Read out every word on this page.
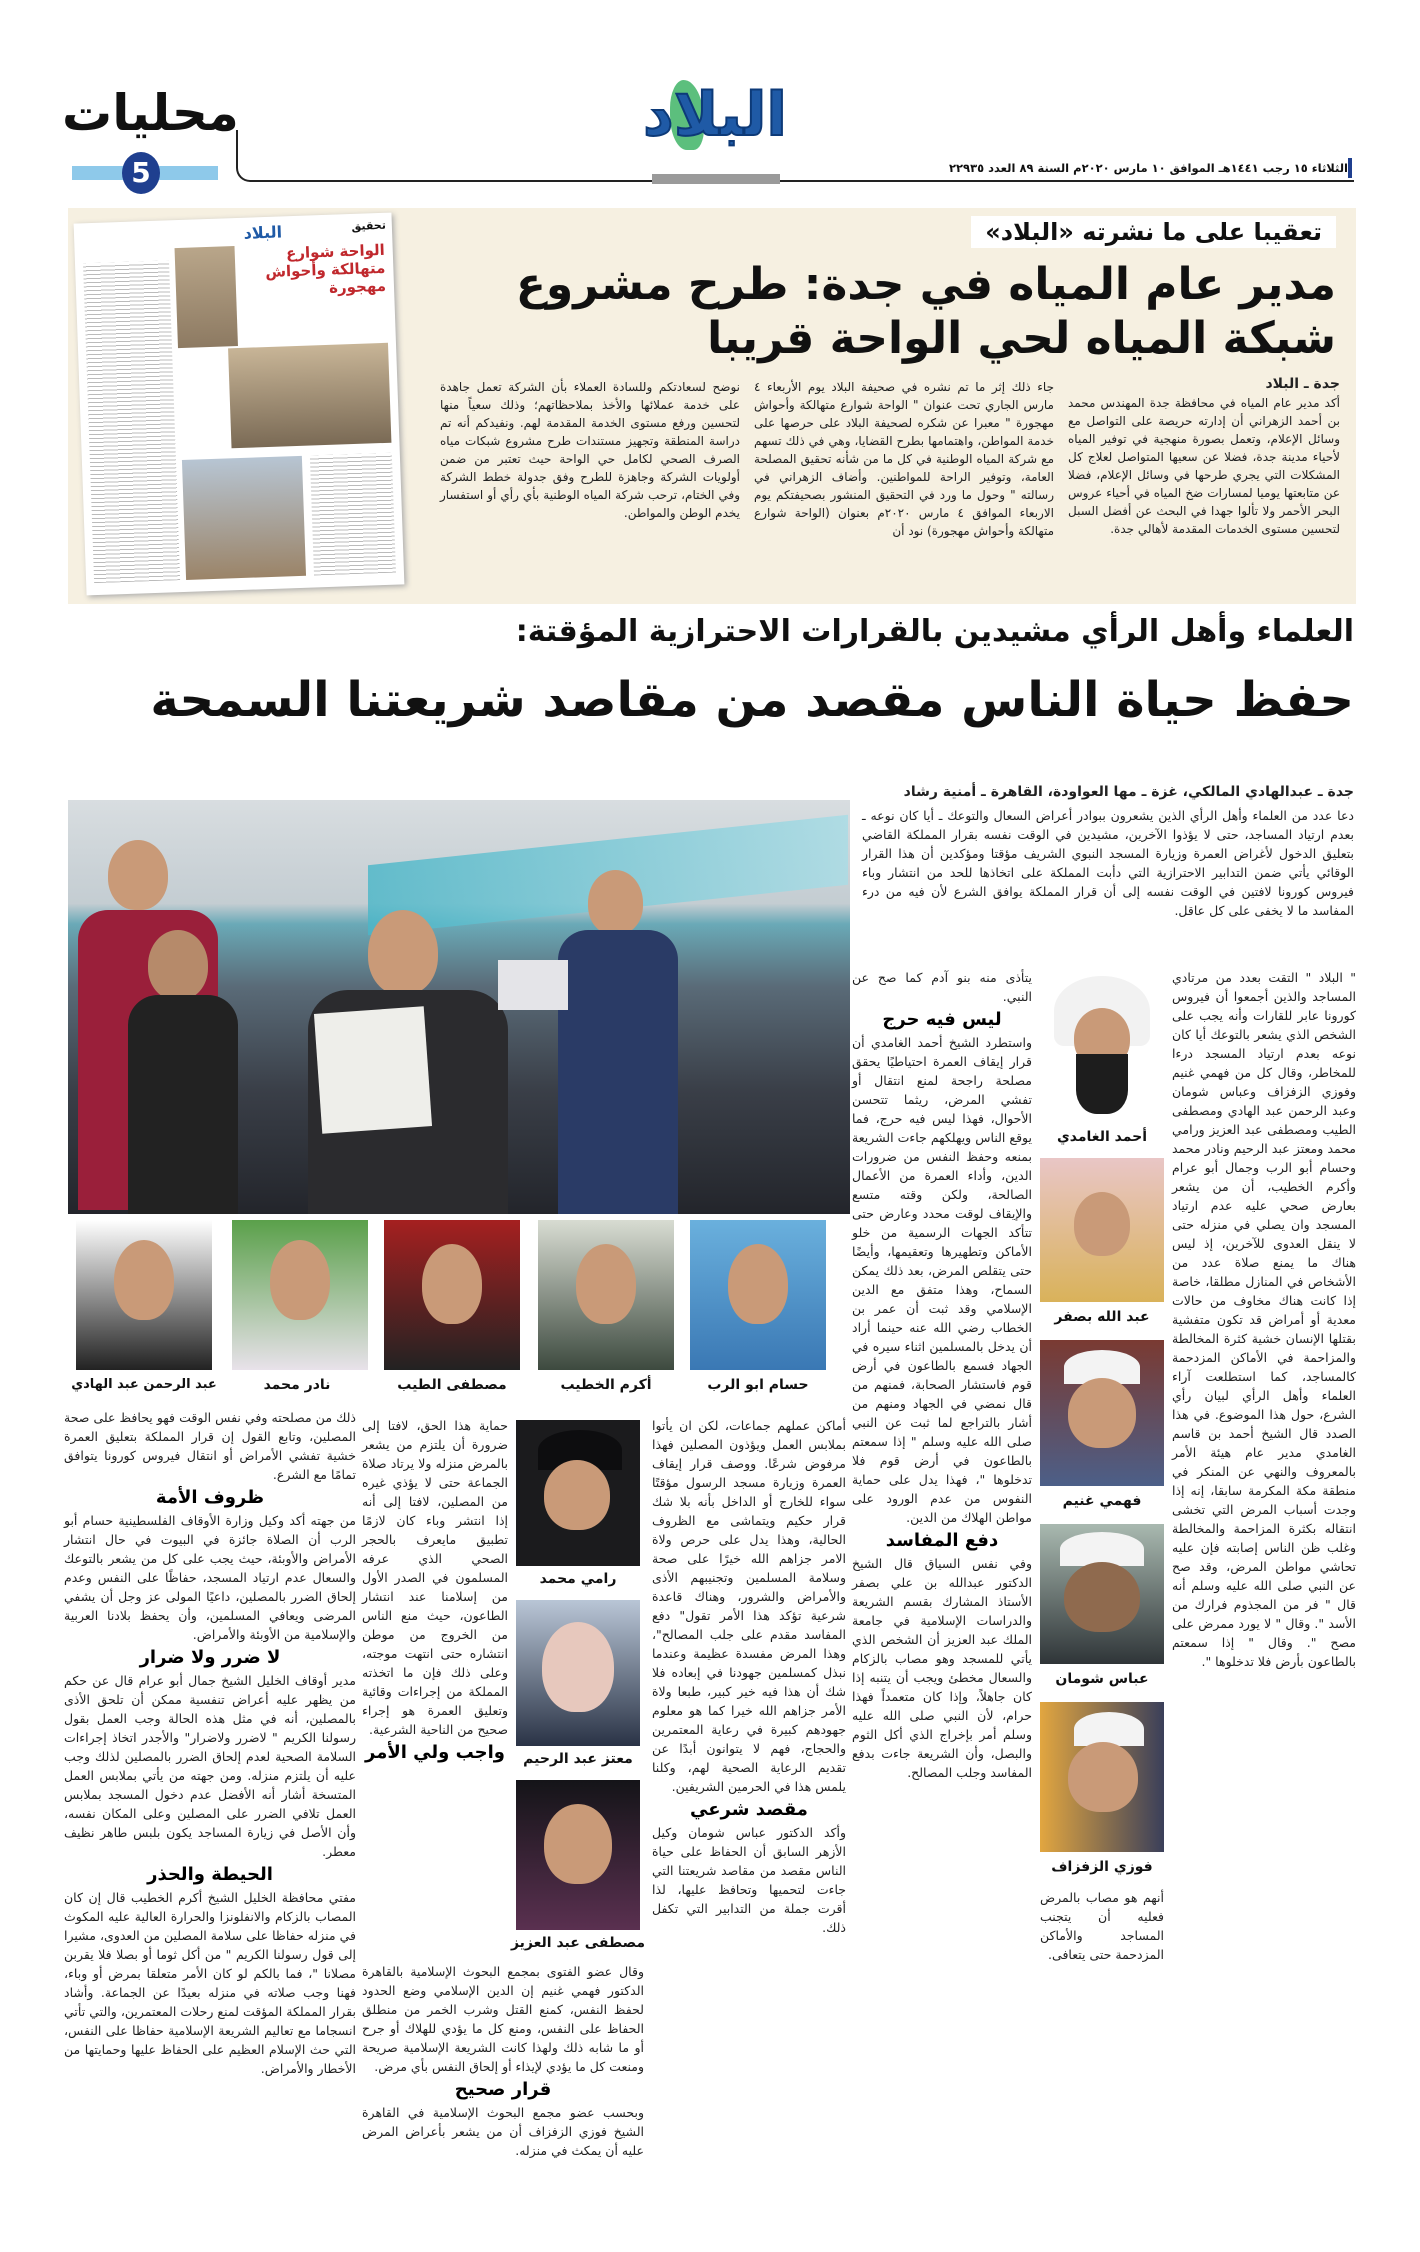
محليات
5
البلاد
الثلاثاء ١٥ رجب ١٤٤١هـ الموافق ١٠ مارس ٢٠٢٠م السنة ٨٩ العدد ٢٢٩٣٥
البلاد	تحقيق
الواحة شوارع متهالكة وأحواش مهجورة
تعقيبا على ما نشرته «البلاد»
مدير عام المياه في جدة: طرح مشروع
شبكة المياه لحي الواحة قريبا
جدة ـ البلاد

أكد مدير عام المياه في محافظة جدة المهندس محمد بن أحمد الزهراني أن إدارته حريصة على التواصل مع وسائل الإعلام، وتعمل بصورة منهجية في توفير المياه لأحياء مدينة جدة، فضلا عن سعيها المتواصل لعلاج كل المشكلات التي يجري طرحها في وسائل الإعلام، فضلا عن متابعتها يوميا لمسارات ضخ المياه في أحياء عروس البحر الأحمر ولا تألوا جهدا في البحث عن أفضل السبل لتحسين مستوى الخدمات المقدمة لأهالي جدة.

جاء ذلك إثر ما تم نشره في صحيفة البلاد يوم الأربعاء ٤ مارس الجاري تحت عنوان " الواحة شوارع متهالكة وأحواش مهجورة " معبرا عن شكره لصحيفة البلاد على حرصها على خدمة المواطن، واهتمامها بطرح القضايا، وهي في ذلك تسهم مع شركة المياه الوطنية في كل ما من شأنه تحقيق المصلحة العامة، وتوفير الراحة للمواطنين. وأضاف الزهراني في رسالته " وحول ما ورد في التحقيق المنشور بصحيفتكم يوم الاربعاء الموافق ٤ مارس ٢٠٢٠م بعنوان (الواحة شوارع متهالكة وأحواش مهجورة) نود أن

نوضح لسعادتكم وللسادة العملاء بأن الشركة تعمل جاهدة على خدمة عملائها والأخذ بملاحظاتهم؛ وذلك سعياً منها لتحسين ورفع مستوى الخدمة المقدمة لهم. ونفيدكم أنه تم دراسة المنطقة وتجهيز مستندات طرح مشروع شبكات مياه الصرف الصحي لكامل حي الواحة حيث تعتبر من ضمن أولويات الشركة وجاهزة للطرح وفق جدولة خطط الشركة وفي الختام، ترحب شركة المياه الوطنية بأي رأي أو استفسار يخدم الوطن والمواطن.

العلماء وأهل الرأي مشيدين بالقرارات الاحترازية المؤقتة:
حفظ حياة الناس مقصد من مقاصد شريعتنا السمحة
جدة ـ عبدالهادي المالكي، غزة ـ مها العواودة، القاهرة ـ أمنية رشاد

دعا عدد من العلماء وأهل الرأي الذين يشعرون ببوادر أعراض السعال والتوعك ـ أيا كان نوعه ـ بعدم ارتياد المساجد، حتى لا يؤذوا الآخرين، مشيدين في الوقت نفسه بقرار المملكة القاضي بتعليق الدخول لأغراض العمرة وزيارة المسجد النبوي الشريف مؤقتا ومؤكدين أن هذا القرار الوقائي يأتي ضمن التدابير الاحترازية التي دأبت المملكة على اتخاذها للحد من انتشار وباء فيروس كورونا لافتين في الوقت نفسه إلى أن قرار المملكة يوافق الشرع لأن فيه من درء المفاسد ما لا يخفى على كل عاقل.

حسام ابو الرب
أكرم الخطيب
مصطفى الطيب
نادر محمد
عبد الرحمن عبد الهادي

" البلاد " التقت بعدد من مرتادي المساجد والذين أجمعوا أن فيروس كورونا عابر للقارات وأنه يجب على الشخص الذي يشعر بالتوعك أيا كان نوعه بعدم ارتياد المسجد درءا للمخاطر، وقال كل من فهمي غنيم وفوزي الزفزاف وعباس شومان وعبد الرحمن عبد الهادي ومصطفى الطيب ومصطفى عبد العزيز ورامي محمد ومعتز عبد الرحيم ونادر محمد وحسام أبو الرب وجمال أبو عرام وأكرم الخطيب، أن من يشعر بعارض صحي عليه عدم ارتياد المسجد وان يصلي في منزله حتى لا ينقل العدوى للآخرين، إذ ليس هناك ما يمنع صلاة عدد من الأشخاص في المنازل مطلقا، خاصة إذا كانت هناك مخاوف من حالات معدية أو أمراض قد تكون متفشية بقتلها الإنسان خشية كثرة المخالطة والمزاحمة في الأماكن المزدحمة كالمساجد، كما استطلعت آراء العلماء وأهل الرأي لبيان رأي الشرع، حول هذا الموضوع. في هذا الصدد قال الشيخ أحمد بن قاسم الغامدي مدير عام هيئة الأمر بالمعروف والنهي عن المنكر في منطقة مكة المكرمة سابقا، إنه إذا وجدت أسباب المرض التي تخشى انتقاله بكثرة المزاحمة والمخالطة وغلب ظن الناس إصابته فإن عليه تحاشي مواطن المرض، وقد صح عن النبي صلى الله عليه وسلم أنه قال " فر من المجذوم فرارك من الأسد ". وقال " لا يورد ممرض على مصح ". وقال " إذا سمعتم بالطاعون بأرض فلا تدخلوها ".

أحمد الغامدي
عبد الله بصفر
فهمي غنيم
عباس شومان
فوزي الزفزاف

أنهم هو مصاب بالمرض فعليه أن يتجنب المساجد والأماكن المزدحمة حتى يتعافى.

يتأذى منه بنو آدم كما صح عن النبي.

ليس فيه حرج

واستطرد الشيخ أحمد الغامدي أن قرار إيقاف العمرة احتياطيًا يحقق مصلحة راجحة لمنع انتقال أو تفشي المرض، ريثما تتحسن الأحوال، فهذا ليس فيه حرج، فما يوقع الناس ويهلكهم جاءت الشريعة بمنعه وحفظ النفس من ضرورات الدين، وأداء العمرة من الأعمال الصالحة، ولكن وقته متسع والإيقاف لوقت محدد وعارض حتى تتأكد الجهات الرسمية من خلو الأماكن وتطهيرها وتعقيمها، وأيضًا حتى يتقلص المرض، بعد ذلك يمكن السماح، وهذا متفق مع الدين الإسلامي وقد ثبت أن عمر بن الخطاب رضي الله عنه حينما أراد أن يدخل بالمسلمين اثناء سيره في الجهاد فسمع بالطاعون في أرض قوم فاستشار الصحابة، فمنهم من قال نمضي في الجهاد ومنهم من أشار بالتراجع لما ثبت عن النبي صلى الله عليه وسلم " إذا سمعتم بالطاعون في أرض قوم فلا تدخلوها "، فهذا يدل على حماية النفوس من عدم الورود على مواطن الهلاك من الدين.

دفع المفاسد

وفي نفس السياق قال الشيخ الدكتور عبدالله بن علي بصفر الأستاذ المشارك بقسم الشريعة والدراسات الإسلامية في جامعة الملك عبد العزيز أن الشخص الذي يأتي للمسجد وهو مصاب بالزكام والسعال مخطئ ويجب أن يتنبه إذا كان جاهلاً، وإذا كان متعمداً فهذا حرام، لأن النبي صلى الله عليه وسلم أمر بإخراج الذي أكل الثوم والبصل، وأن الشريعة جاءت بدفع المفاسد وجلب المصالح.

أماكن عملهم جماعات، لكن ان يأتوا بملابس العمل ويؤذون المصلين فهذا مرفوض شرعًا. ووصف قرار إيقاف العمرة وزيارة مسجد الرسول مؤقتًا سواء للخارج أو الداخل بأنه بلا شك قرار حكيم ويتماشى مع الظروف الحالية، وهذا يدل على حرص ولاة الامر جزاهم الله خيرًا على صحة وسلامة المسلمين وتجنيبهم الأذى والأمراض والشرور، وهناك قاعدة شرعية تؤكد هذا الأمر تقول" دفع المفاسد مقدم على جلب المصالح"، وهذا المرض مفسدة عظيمة وعندما نبذل كمسلمين جهودنا في إبعاده فلا شك أن هذا فيه خير كبير، طبعا ولاة الأمر جزاهم الله خيرا كما هو معلوم جهودهم كبيرة في رعاية المعتمرين والحجاج، فهم لا يتوانون أبدًا عن تقديم الرعاية الصحية لهم، وكلنا يلمس هذا في الحرمين الشريفين.

مقصد شرعي

وأكد الدكتور عباس شومان وكيل الأزهر السابق أن الحفاظ على حياة الناس مقصد من مقاصد شريعتنا التي جاءت لتحميها وتحافظ عليها، لذا أقرت جملة من التدابير التي تكفل ذلك.

رامي محمد
معتز عبد الرحيم
مصطفى عبد العزيز

حماية هذا الحق، لافتا إلى ضرورة أن يلتزم من يشعر بالمرض منزله ولا يرتاد صلاة الجماعة حتى لا يؤذي غيره من المصلين، لافتا إلى أنه إذا انتشر وباء كان لازمًا تطبيق مايعرف بالحجر الصحي الذي عرفه المسلمون في الصدر الأول من إسلامنا عند انتشار الطاعون، حيث منع الناس من الخروج من موطن انتشاره حتى انتهت موجته، وعلى ذلك فإن ما اتخذته المملكة من إجراءات وقائية وتعليق العمرة هو إجراء صحيح من الناحية الشرعية.

واجب ولي الأمر

وقال عضو الفتوى بمجمع البحوث الإسلامية بالقاهرة الدكتور فهمي غنيم إن الدين الإسلامي وضع الحدود لحفظ النفس، كمنع القتل وشرب الخمر من منطلق الحفاظ على النفس، ومنع كل ما يؤدي للهلاك أو جرح أو ما شابه ذلك ولهذا كانت الشريعة الإسلامية صريحة ومنعت كل ما يؤدي لإيذاء أو إلحاق النفس بأي مرض.

قرار صحيح

وبحسب عضو مجمع البحوث الإسلامية في القاهرة الشيخ فوزي الزفزاف أن من يشعر بأعراض المرض عليه أن يمكث في منزله.

ذلك من مصلحته وفي نفس الوقت فهو يحافظ على صحة المصلين، وتابع القول إن قرار المملكة بتعليق العمرة خشية تفشي الأمراض أو انتقال فيروس كورونا يتوافق تمامًا مع الشرع.

ظروف الأمة

من جهته أكد وكيل وزارة الأوقاف الفلسطينية حسام أبو الرب أن الصلاة جائزة في البيوت في حال انتشار الأمراض والأوبئة، حيث يجب على كل من يشعر بالتوعك والسعال عدم ارتياد المسجد، حفاظًا على النفس وعدم إلحاق الضرر بالمصلين، داعيًا المولى عز وجل أن يشفي المرضى ويعافي المسلمين، وأن يحفظ بلادنا العربية والإسلامية من الأوبئة والأمراض.

لا ضرر ولا ضرار

مدير أوقاف الخليل الشيخ جمال أبو عرام قال عن حكم من يظهر عليه أعراض تنفسية ممكن أن تلحق الأذى بالمصلين، أنه في مثل هذه الحالة وجب العمل بقول رسولنا الكريم " لاضرر ولاضرار" والأجدر اتخاذ إجراءات السلامة الصحية لعدم إلحاق الضرر بالمصلين لذلك وجب عليه أن يلتزم منزله. ومن جهته من يأتي بملابس العمل المتسخة أشار أنه الأفضل عدم دخول المسجد بملابس العمل تلافي الضرر على المصلين وعلى المكان نفسه، وأن الأصل في زيارة المساجد يكون بلبس طاهر نظيف معطر.

الحيطة والحذر

مفتي محافظة الخليل الشيخ أكرم الخطيب قال إن كان المصاب بالزكام والانفلونزا والحرارة العالية عليه المكوث في منزله حفاظا على سلامة المصلين من العدوى، مشيرا إلى قول رسولنا الكريم " من أكل ثوما أو بصلا فلا يقربن مصلانا "، فما بالكم لو كان الأمر متعلقا بمرض أو وباء، فهنا وجب صلاته في منزله بعيدًا عن الجماعة. وأشاد بقرار المملكة المؤقت لمنع رحلات المعتمرين، والتي تأتي انسجاما مع تعاليم الشريعة الإسلامية حفاظا على النفس، التي حث الإسلام العظيم على الحفاظ عليها وحمايتها من الأخطار والأمراض.
